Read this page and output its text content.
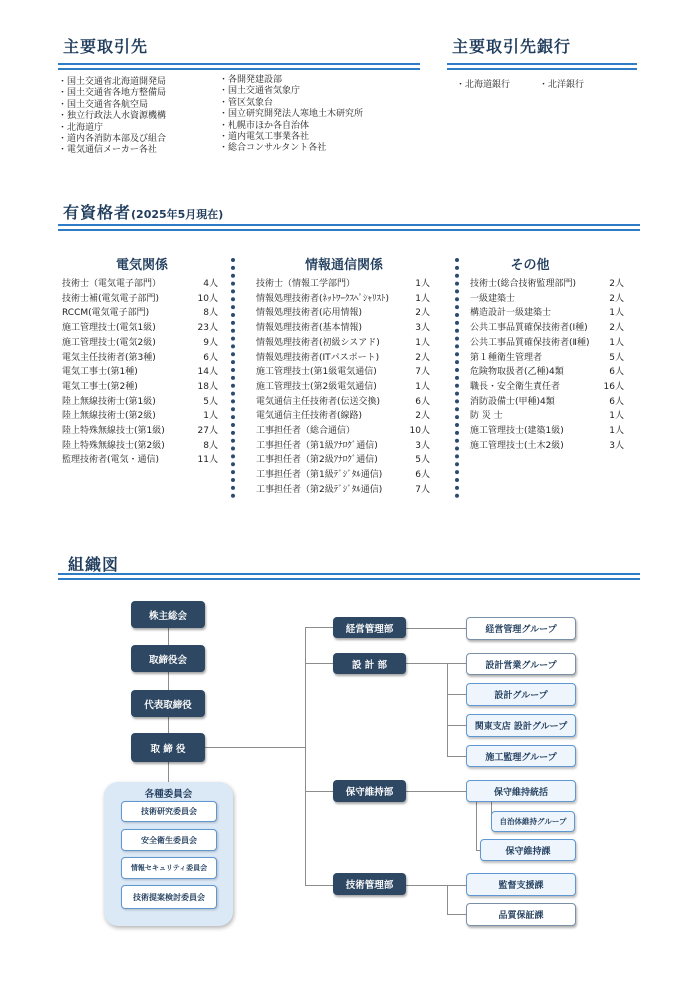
主要取引先
・国土交通省北海道開発局
・国土交通省各地方整備局
・国土交通省各航空局
・独立行政法人水資源機構
・北海道庁
・道内各消防本部及び組合
・電気通信メーカー各社
・各開発建設部
・国土交通省気象庁
・管区気象台
・国立研究開発法人寒地土木研究所
・札幌市ほか各自治体
・道内電気工事業各社
・総合コンサルタント各社
主要取引先銀行
・北海道銀行	・北洋銀行
有資格者(2025年5月現在)
電気関係
技術士（電気電子部門）	4人
技術士補(電気電子部門)	10人
RCCM(電気電子部門)	8人
施工管理技士(電気1級)	23人
施工管理技士(電気2級)	9人
電気主任技術者(第3種)	6人
電気工事士(第1種)	14人
電気工事士(第2種)	18人
陸上無線技術士(第1級)	5人
陸上無線技術士(第2級)	1人
陸上特殊無線技士(第1級)	27人
陸上特殊無線技士(第2級)	8人
監理技術者(電気・通信)	11人
情報通信関係
技術士（情報工学部門）	1人
情報処理技術者(ﾈｯﾄﾜｰｸｽﾍﾟｼｬﾘｽﾄ)	1人
情報処理技術者(応用情報)	2人
情報処理技術者(基本情報)	3人
情報処理技術者(初級シスアド)	1人
情報処理技術者(ITパスポート)	2人
施工管理技士(第1級電気通信)	7人
施工管理技士(第2級電気通信)	1人
電気通信主任技術者(伝送交換)	6人
電気通信主任技術者(線路)	2人
工事担任者（総合通信）	10人
工事担任者（第1級ｱﾅﾛｸﾞ通信)	3人
工事担任者（第2級ｱﾅﾛｸﾞ通信)	5人
工事担任者（第1級ﾃﾞｼﾞﾀﾙ通信)	6人
工事担任者（第2級ﾃﾞｼﾞﾀﾙ通信)	7人
その他
技術士(総合技術監理部門)	2人
一級建築士	2人
構造設計一級建築士	1人
公共工事品質確保技術者(Ⅰ種) 2人
公共工事品質確保技術者(Ⅱ種) 1人
第１種衛生管理者	5人
危険物取扱者(乙種)4類	6人
職長・安全衛生責任者	16人
消防設備士(甲種)4類	6人
防 災 士	1人
施工管理技士(建築1級)	1人
施工管理技士(土木2級)	3人
組織図
株主総会
取締役会
代表取締役
取 締 役
各種委員会
技術研究委員会
安全衛生委員会
情報セキュリティ委員会
技術提案検討委員会
経営管理部
設 計 部
保守維持部
技術管理部
経営管理グループ
設計営業グループ
設計グループ
関東支店 設計グループ
施工監理グループ
保守維持統括
自治体維持グループ
保守維持課
監督支援課
品質保証課
